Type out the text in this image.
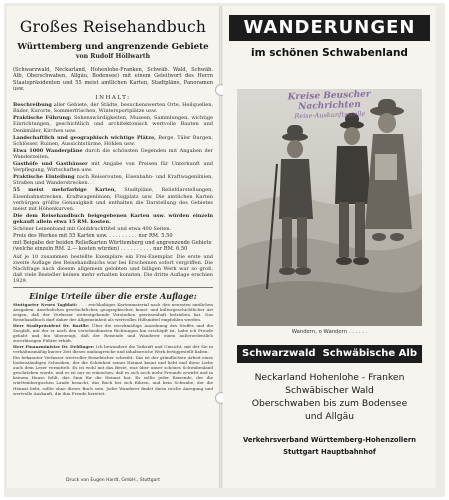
Großes Reisehandbuch
Württemberg und angrenzende Gebiete
von Rudolf Höllwarth
(Schwarzwald, Neckarland, Hohenlohe-Franken, Schwäb. Wald, Schwäb. Alb, Oberschwaben, Allgäu, Bodensee) mit einem Geleitwort des Herrn Staatspräsidenten und 55 meist amtlichen Karten, Stadtpläne, Panoramen usw.
INHALT:
Beschreibung aller Gebiete, der Städte, besuchenswerten Orte, Heilquellen, Bäder, Kurorte, Sommerfrischen, Wintersportplätze usw.
Praktische Führung: Sehenswürdigkeiten, Museen, Sammlungen, wichtige Einrichtungen, geschichtlich und architektonisch wertvolle Bauten und Denkmäler, Kirchen usw.
Landschaftlich und geographisch wichtige Plätze, Berge, Täler Burgen, Schlösser, Ruinen, Aussichtstürme, Höhlen usw.
Etwa 1000 Wanderpläne durch die schönsten Gegenden mit Angaben der Wanderzeiten.
Gasthöfe und Gasthäuser mit Angabe von Preisen für Unterkunft und Verpflegung, Wirtschaften usw.
Praktische Einteilung nach Reiserouten, Eisenbahn- und Kraftwagenlinien, Straßen und Wanderstrecken.
55 meist mehrfarbige Karten, Stadtpläne, Reliefdarstellungen, Eisenbahnstrecken, Kraftwagenlinien, Flugplatz usw. Die amtlichen Karten verbürgen größte Genauigkeit und enthalten die Darstellung des Gebietes meist mit Höhenkurven.
Die dem Reisehandbuch beigegebenen Karten usw. würden einzeln gekauft allein etwa 15 RM. kosten.
Schöner Leinenband mit Golddruckttitel und etwa 400 Seiten.
Preis des Werkes mit 55 Karten usw. . . . . . . . . . nur RM. 5.50
mit Beigabe der beiden Reliefkarten Württemberg und angrenzende Gebiete (welche einzeln RM. 2.— kosten würden) . . . . . . . . . . nur RM. 6.50
Auf je 10 zusammen bestellte Exemplare ein Frei-Exemplar. Die erste und zweite Auflage des Reisehandbuchs war bei Erscheinen sofort vergriffen. Die Nachfrage nach diesem allgemein gelobten und billigen Werk war so groß, daß viele Besteller keinen mehr erhalten konnten. Die dritte Auflage erschien 1929.
Einige Urteile über die erste Auflage:
Stuttgarter Neues Tagblatt: . . . reichhaltiges Kartenmaterial nach den neuesten amtlichen Ausgaben. Ansehnliches geschichtlicher, geographischer, kunst- und kulturgeschichtlicher Art zeigen, daß der Verfasser weitestgehende Vorstudien gewissenhaft betrieben hat. Das Reisehandbuch darf daher der Allgemeinheit als wertvolles Hilfsmittel empfohlen werden.
Herr Stadtpräsident Dr. Bazille: Über die zweckmäßige Anordnung des Stoffes und die Sorgfalt, mit der er nach den verschiedensten Richtungen hin erschöpft ist, habe ich Freude gehabt und bin überzeugt, daß der Reisende und Wanderer einen außerordentlich zuverlässigen Führer erhält.
Herr Finanzminister Dr. Dehlinger: Ich bewundere die Tatkraft und Umsicht, mit der Sie in verhältnismäßig kurzer Zeit dieses umfangreiche und inhaltsreiche Werk fertiggestellt haben.
Ein bekannter Verfasser wertvoller Reisebücher schreibt: Das ist der gründlichste Arbeit eines bodenständigen Schwaben, der die Schönheit seiner Heimat kennt und liebt und diese Liebe auch dem Leser vermittelt. Es ist wohl mit das Beste, was über unser schönes Schwabenland geschrieben wurde, und es ist nur zu wünschen, daß es sich noch mehr Freunde erwirbt und in keinem Hause fehlt, das Sinn für die Heimat hat. Es sollte jeder Reisende, der die württembergischen Lande besucht, das Buch bei sich führen, und kein Schwabe, der die Heimat liebt, sollte ohne dieses Buch sein. Jeder Wanderer findet darin reiche Anregung und wertvolle Auskunft, die ihm Freude bereitet.
Druck von Eugen Hardt, GmbH., Stuttgart
WANDERUNGEN
im schönen Schwabenland
Kreise Beuscher Nachrichten
Reise-Auskunftsstelle
Wandern, o Wandern . . . . . .
Schwarzwald Schwäbische Alb
Neckarland Hohenlohe - Franken
Schwäbischer Wald
Oberschwaben bis zum Bodensee
und Allgäu
Verkehrsverband Württemberg-Hohenzollern
Stuttgart Hauptbahnhof
